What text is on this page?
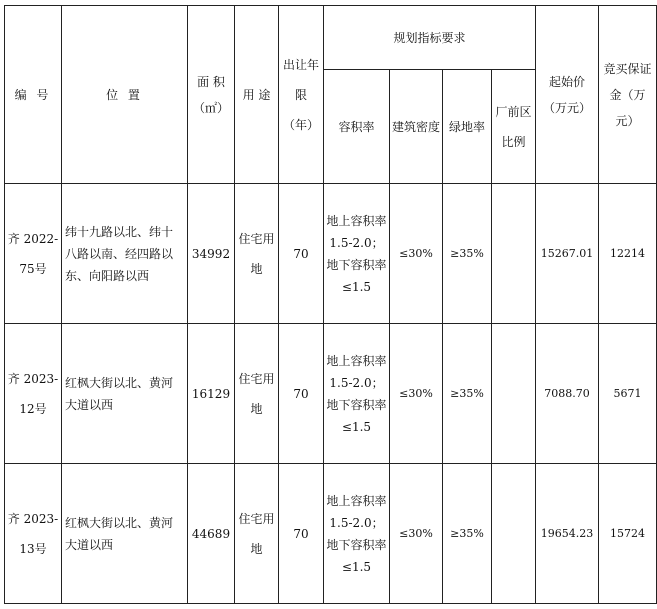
编 号	位 置	面 积（㎡）	用 途	出让年限（年）	规划指标要求				起始价（万元）	竞买保证金（万元）
					容积率	建筑密度	绿地率	厂前区比例		
齐 2022-75号	纬十九路以北、纬十八路以南、经四路以东、向阳路以西	34992	住宅用地	70	地上容积率1.5-2.0；地下容积率≤1.5	≤30%	≥35%		15267.01	12214
齐 2023-12号	红枫大街以北、黄河大道以西	16129	住宅用地	70	地上容积率1.5-2.0；地下容积率≤1.5	≤30%	≥35%		7088.70	5671
齐 2023-13号	红枫大街以北、黄河大道以西	44689	住宅用地	70	地上容积率1.5-2.0；地下容积率≤1.5	≤30%	≥35%		19654.23	15724
